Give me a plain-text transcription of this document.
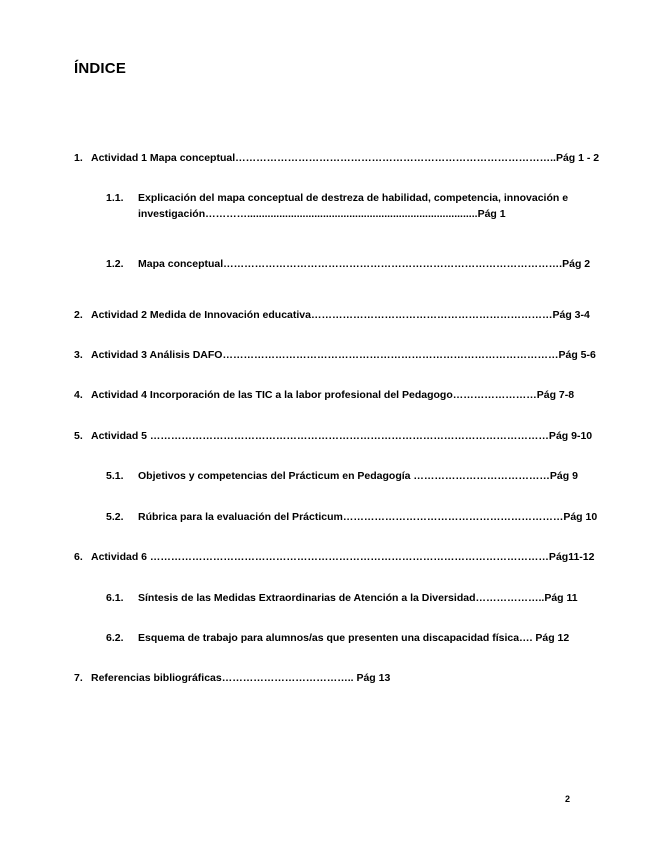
ÍNDICE
1. Actividad 1 Mapa conceptual………………………………………………………………………………..Pág 1 - 2
1.1. Explicación del mapa conceptual de destreza de habilidad, competencia, innovación e
investigación…………...............................................................................Pág 1
1.2. Mapa conceptual…………………………………………………………………………………….Pág 2
2. Actividad 2 Medida de Innovación educativa……………………………………………………………Pág 3-4
3. Actividad 3 Análisis DAFO……………………………………………………………………………………Pág 5-6
4. Actividad 4 Incorporación de las TIC a la labor profesional del Pedagogo……………………Pág 7-8
5. Actividad 5 ……………………………………………………………………………………………………Pág 9-10
5.1. Objetivos y competencias del Prácticum en Pedagogía …………………………………Pág 9
5.2. Rúbrica para la evaluación del Prácticum………………………………………………………Pág 10
6. Actividad 6 ……………………………………………………………………………………………………Pág11-12
6.1. Síntesis de las Medidas Extraordinarias de Atención a la Diversidad………………..Pág 11
6.2. Esquema de trabajo para alumnos/as que presenten una discapacidad física…. Pág 12
7. Referencias bibliográficas……………………………….. Pág 13
2
